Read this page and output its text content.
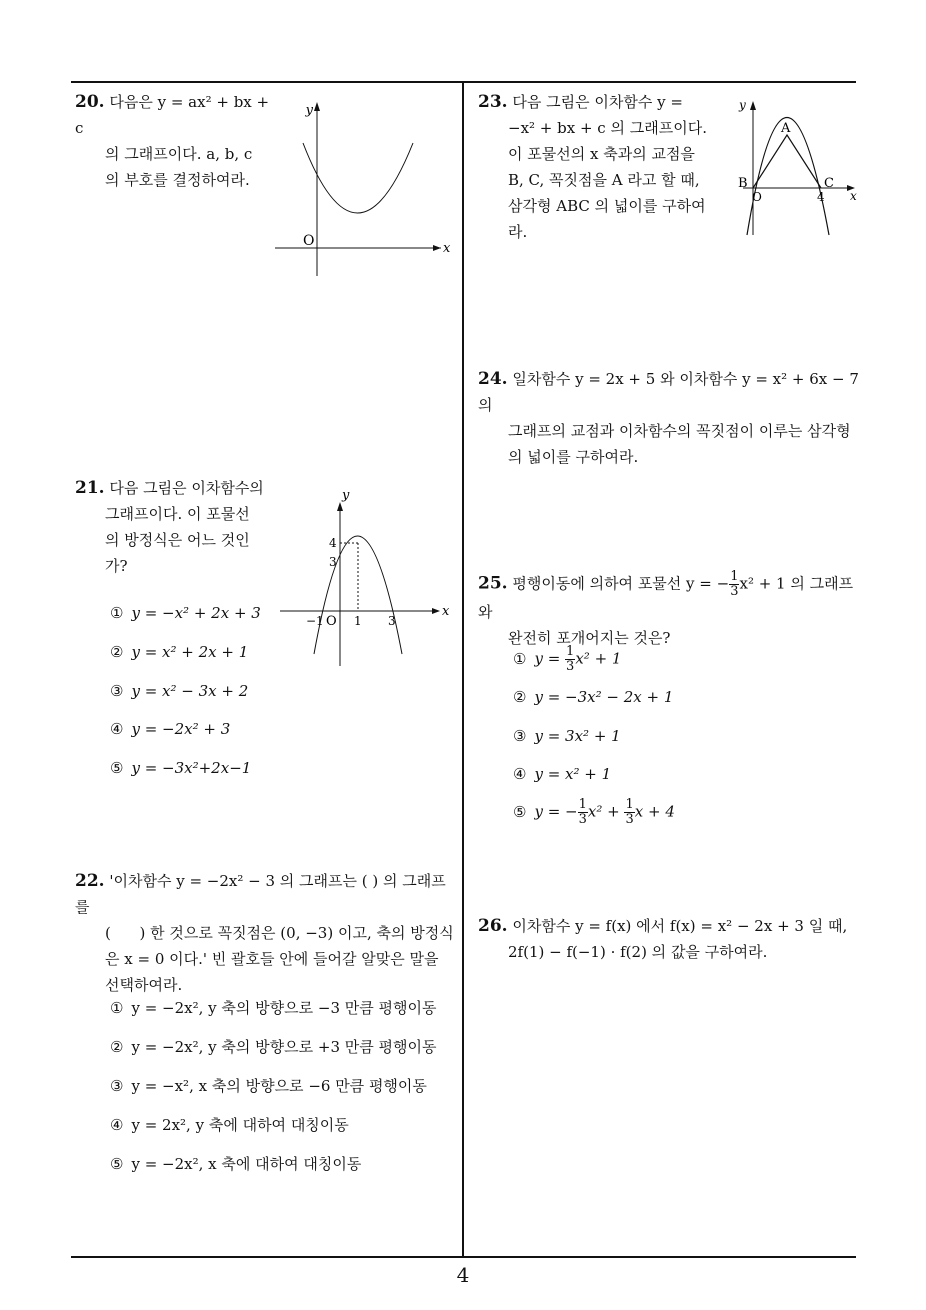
20. 다음은 y = ax² + bx + c
의 그래프이다. a, b, c
의 부호를 결정하여라.
y
x
O
21. 다음 그림은 이차함수의
그래프이다. 이 포물선
의 방정식은 어느 것인
가?
y
x
4
3
−1 O 1 3
① y = −x² + 2x + 3
② y = x² + 2x + 1
③ y = x² − 3x + 2
④ y = −2x² + 3
⑤ y = −3x²+2x−1
22. '이차함수 y = −2x² − 3 의 그래프는 ( ) 의 그래프를
(      ) 한 것으로 꼭짓점은 (0, −3) 이고, 축의 방정식
은 x = 0 이다.' 빈 괄호들 안에 들어갈 알맞은 말을
선택하여라.
① y = −2x², y 축의 방향으로 −3 만큼 평행이동
② y = −2x², y 축의 방향으로 +3 만큼 평행이동
③ y = −x², x 축의 방향으로 −6 만큼 평행이동
④ y = 2x², y 축에 대하여 대칭이동
⑤ y = −2x², x 축에 대하여 대칭이동
23. 다음 그림은 이차함수 y =
−x² + bx + c 의 그래프이다.
이 포물선의 x 축과의 교점을
B, C, 꼭짓점을 A 라고 할 때,
삼각형 ABC 의 넓이를 구하여
라.
y
x
A
B	C
O	4
24. 일차함수 y = 2x + 5 와 이차함수 y = x² + 6x − 7 의
그래프의 교점과 이차함수의 꼭짓점이 이루는 삼각형
의 넓이를 구하여라.
25. 평행이동에 의하여 포물선 y = − $\frac{1}{3} x^2 + 1$ 의 그래프와
완전히 포개어지는 것은?
① $y = \frac{1}{3} x^2 + 1$
② y = −3x² − 2x + 1
③ y = 3x² + 1
④ y = x² + 1
⑤ y = − $\frac{1}{3} x^2 + \frac{1}{3}$ x + 4
26. 이차함수 y = f(x) 에서 f(x) = x² − 2x + 3 일 때,
2f(1) − f(−1) · f(2) 의 값을 구하여라.
4
